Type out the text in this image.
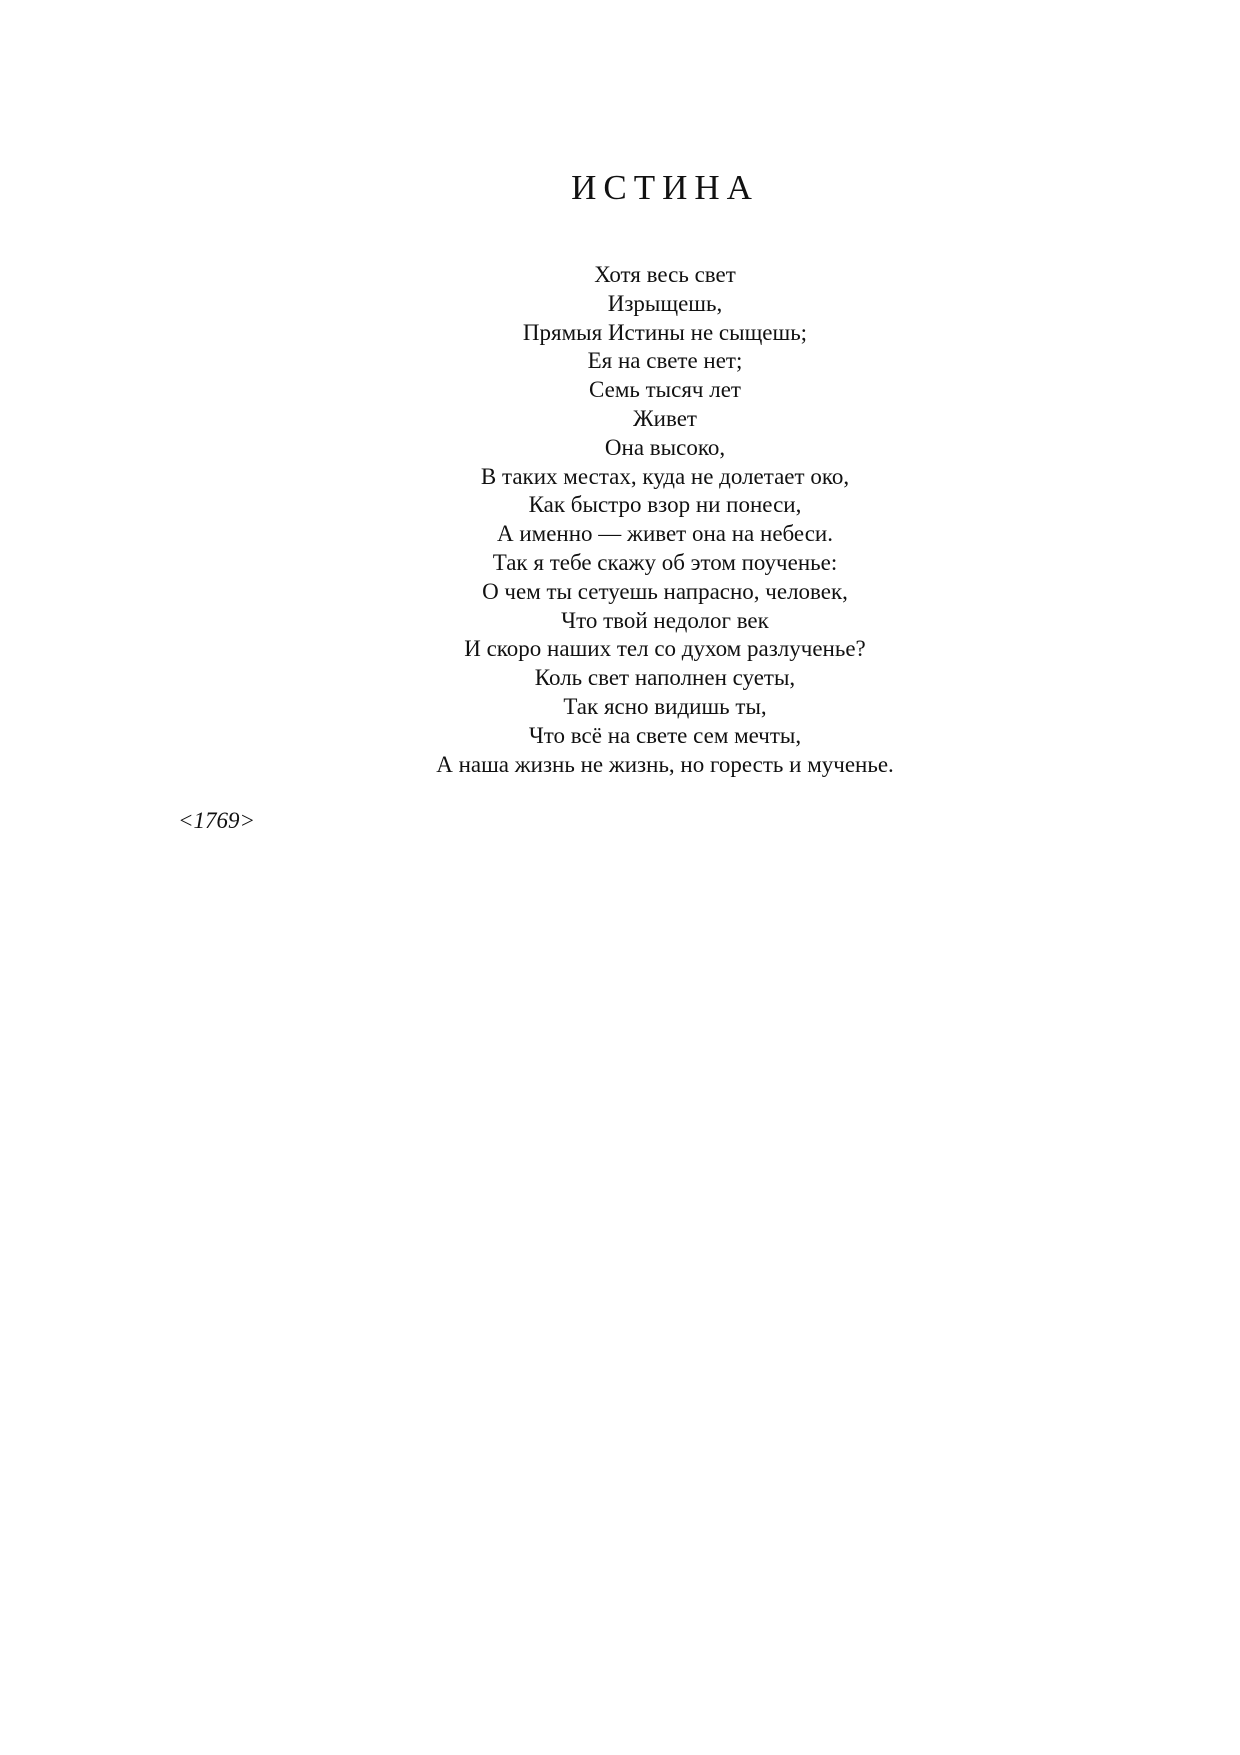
ИСТИНА
Хотя весь свет
Изрыщешь,
Прямыя Истины не сыщешь;
Ея на свете нет;
Семь тысяч лет
Живет
Она высоко,
В таких местах, куда не долетает око,
Как быстро взор ни понеси,
А именно — живет она на небеси.
Так я тебе скажу об этом поученье:
О чем ты сетуешь напрасно, человек,
Что твой недолог век
И скоро наших тел со духом разлученье?
Коль свет наполнен суеты,
Так ясно видишь ты,
Что всё на свете сем мечты,
А наша жизнь не жизнь, но горесть и мученье.
<1769>
